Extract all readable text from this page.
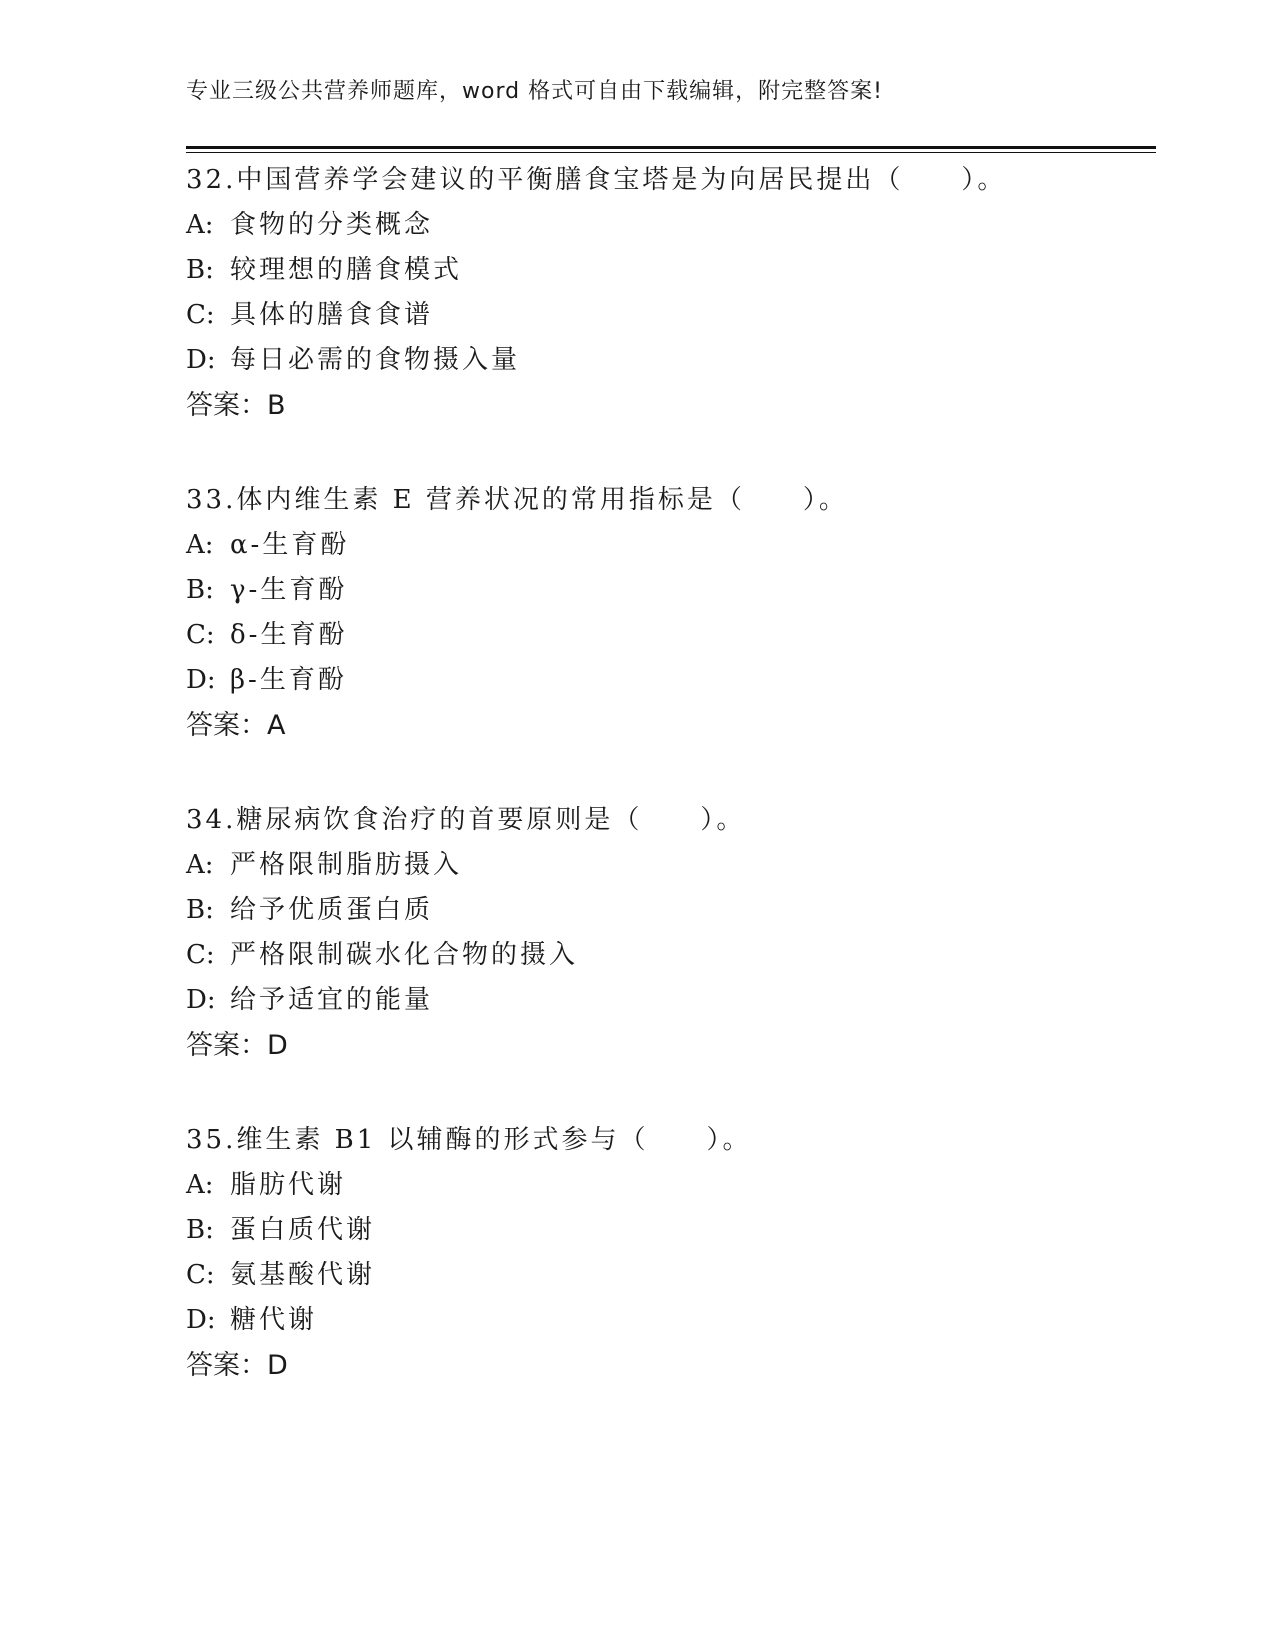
专业三级公共营养师题库，word 格式可自由下载编辑，附完整答案!
32.中国营养学会建议的平衡膳食宝塔是为向居民提出（　　）。
A: 食物的分类概念
B: 较理想的膳食模式
C: 具体的膳食食谱
D: 每日必需的食物摄入量
答案：B
33.体内维生素 E 营养状况的常用指标是（　　）。
A: α-生育酚
B: γ-生育酚
C: δ-生育酚
D: β-生育酚
答案：A
34.糖尿病饮食治疗的首要原则是（　　）。
A: 严格限制脂肪摄入
B: 给予优质蛋白质
C: 严格限制碳水化合物的摄入
D: 给予适宜的能量
答案：D
35.维生素 B1 以辅酶的形式参与（　　）。
A: 脂肪代谢
B: 蛋白质代谢
C: 氨基酸代谢
D: 糖代谢
答案：D
